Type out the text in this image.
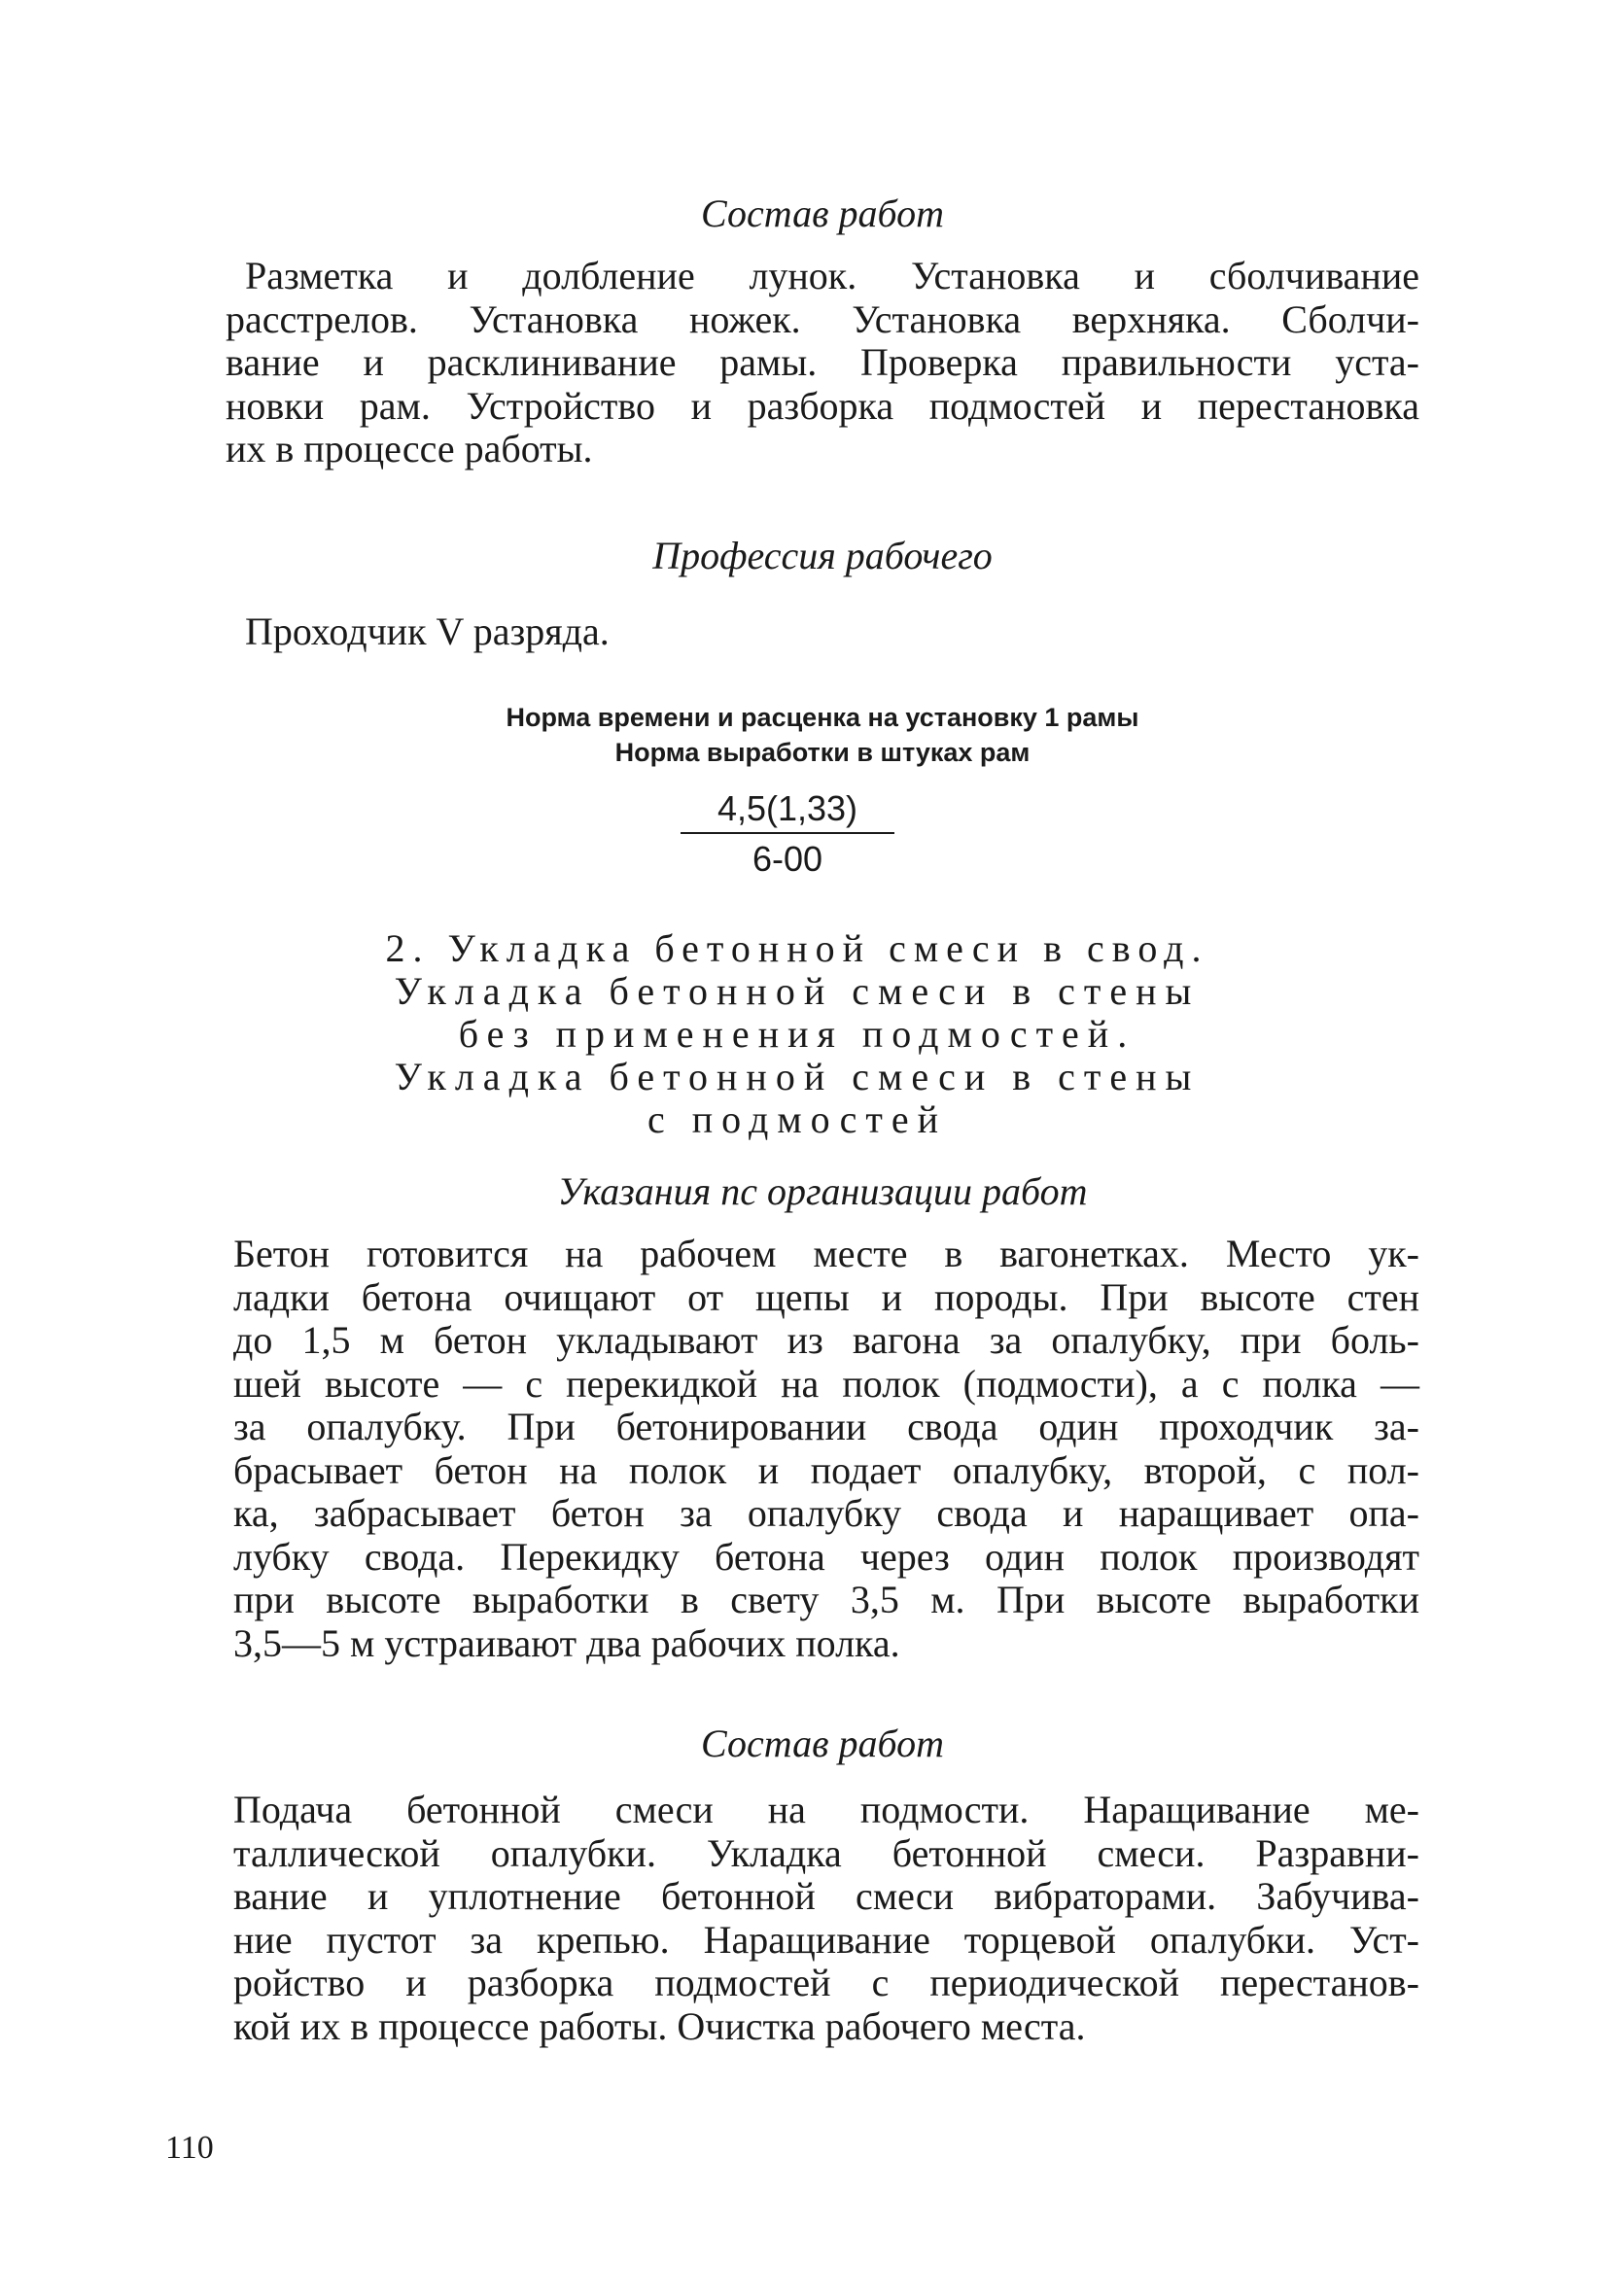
Состав работ

Разметка и долбление лунок. Установка и сболчивание
расстрелов. Установка ножек. Установка верхняка. Сболчи-
вание и расклинивание рамы. Проверка правильности уста-
новки рам. Устройство и разборка подмостей и перестановка
их в процессе работы.

Профессия рабочего
Проходчик V разряда.
Норма времени и расценка на установку 1 рамы
Норма выработки в штуках рам
4,5(1,33)
6-00
2. Укладка бетонной смеси в свод.
Укладка бетонной смеси в стены
без применения подмостей.
Укладка бетонной смеси в стены
с подмостей
Указания пс организации работ

Бетон готовится на рабочем месте в вагонетках. Место ук-
ладки бетона очищают от щепы и породы. При высоте стен
до 1,5 м бетон укладывают из вагона за опалубку, при боль-
шей высоте — с перекидкой на полок (подмости), а с полка —
за опалубку. При бетонировании свода один проходчик за-
брасывает бетон на полок и подает опалубку, второй, с пол-
ка, забрасывает бетон за опалубку свода и наращивает опа-
лубку свода. Перекидку бетона через один полок производят
при высоте выработки в свету 3,5 м. При высоте выработки
3,5—5 м устраивают два рабочих полка.

Состав работ

Подача бетонной смеси на подмости. Наращивание ме-
таллической опалубки. Укладка бетонной смеси. Разравни-
вание и уплотнение бетонной смеси вибраторами. Забучива-
ние пустот за крепью. Наращивание торцевой опалубки. Уст-
ройство и разборка подмостей с периодической перестанов-
кой их в процессе работы. Очистка рабочего места.

110
